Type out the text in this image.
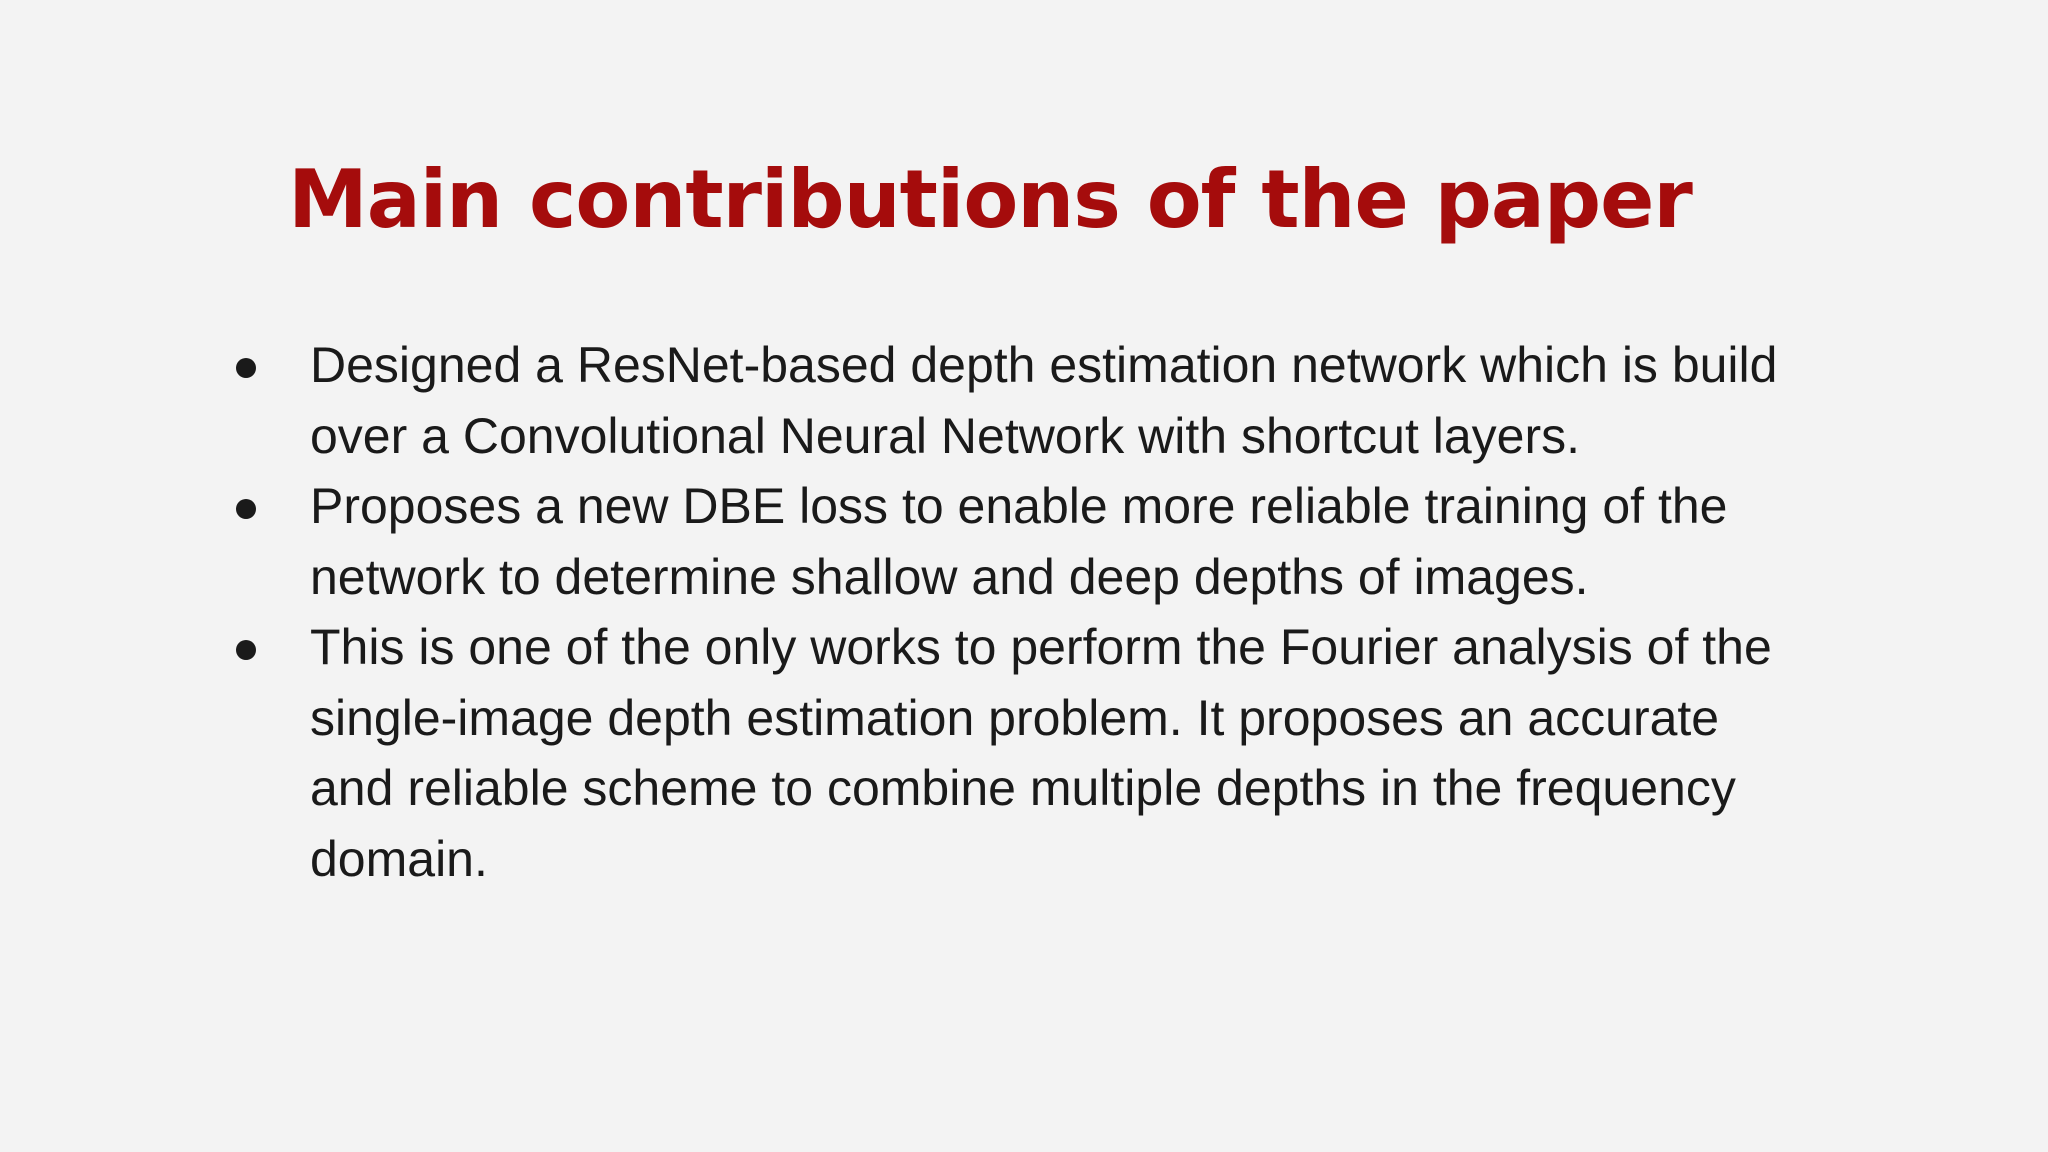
Main contributions of the paper
Designed a ResNet-based depth estimation network which is build over a Convolutional Neural Network with shortcut layers.
Proposes a new DBE loss to enable more reliable training of the network to determine shallow and deep depths of images.
This is one of the only works to perform the Fourier analysis of the single-image depth estimation problem. It proposes an accurate and reliable scheme to combine multiple depths in the frequency domain.
